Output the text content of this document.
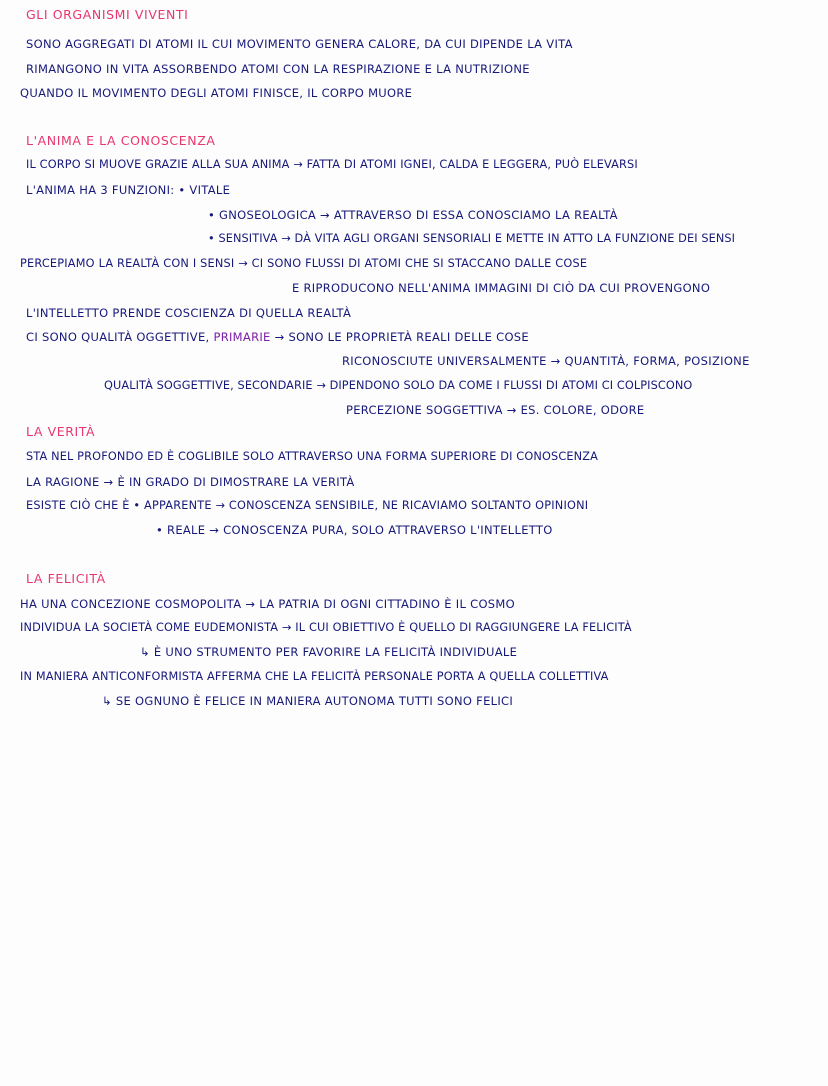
GLI ORGANISMI VIVENTI
SONO AGGREGATI DI ATOMI IL CUI MOVIMENTO GENERA CALORE, DA CUI DIPENDE LA VITA
RIMANGONO IN VITA ASSORBENDO ATOMI CON LA RESPIRAZIONE E LA NUTRIZIONE
QUANDO IL MOVIMENTO DEGLI ATOMI FINISCE, IL CORPO MUORE
L'ANIMA E LA CONOSCENZA
IL CORPO SI MUOVE GRAZIE ALLA SUA ANIMA → FATTA DI ATOMI IGNEI, CALDA E LEGGERA, PUÒ ELEVARSI
L'ANIMA HA 3 FUNZIONI: • VITALE
• GNOSEOLOGICA → ATTRAVERSO DI ESSA CONOSCIAMO LA REALTÀ
• SENSITIVA → DÀ VITA AGLI ORGANI SENSORIALI E METTE IN ATTO LA FUNZIONE DEI SENSI
PERCEPIAMO LA REALTÀ CON I SENSI → CI SONO FLUSSI DI ATOMI CHE SI STACCANO DALLE COSE
E RIPRODUCONO NELL'ANIMA IMMAGINI DI CIÒ DA CUI PROVENGONO
L'INTELLETTO PRENDE COSCIENZA DI QUELLA REALTÀ
CI SONO QUALITÀ OGGETTIVE, PRIMARIE → SONO LE PROPRIETÀ REALI DELLE COSE
RICONOSCIUTE UNIVERSALMENTE → QUANTITÀ, FORMA, POSIZIONE
QUALITÀ SOGGETTIVE, SECONDARIE → DIPENDONO SOLO DA COME I FLUSSI DI ATOMI CI COLPISCONO
PERCEZIONE SOGGETTIVA → ES. COLORE, ODORE
LA VERITÀ
STA NEL PROFONDO ED È COGLIBILE SOLO ATTRAVERSO UNA FORMA SUPERIORE DI CONOSCENZA
LA RAGIONE → È IN GRADO DI DIMOSTRARE LA VERITÀ
ESISTE CIÒ CHE È • APPARENTE → CONOSCENZA SENSIBILE, NE RICAVIAMO SOLTANTO OPINIONI
• REALE → CONOSCENZA PURA, SOLO ATTRAVERSO L'INTELLETTO
LA FELICITÀ
HA UNA CONCEZIONE COSMOPOLITA → LA PATRIA DI OGNI CITTADINO È IL COSMO
INDIVIDUA LA SOCIETÀ COME EUDEMONISTA → IL CUI OBIETTIVO È QUELLO DI RAGGIUNGERE LA FELICITÀ
↳ È UNO STRUMENTO PER FAVORIRE LA FELICITÀ INDIVIDUALE
IN MANIERA ANTICONFORMISTA AFFERMA CHE LA FELICITÀ PERSONALE PORTA A QUELLA COLLETTIVA
↳ SE OGNUNO È FELICE IN MANIERA AUTONOMA TUTTI SONO FELICI
